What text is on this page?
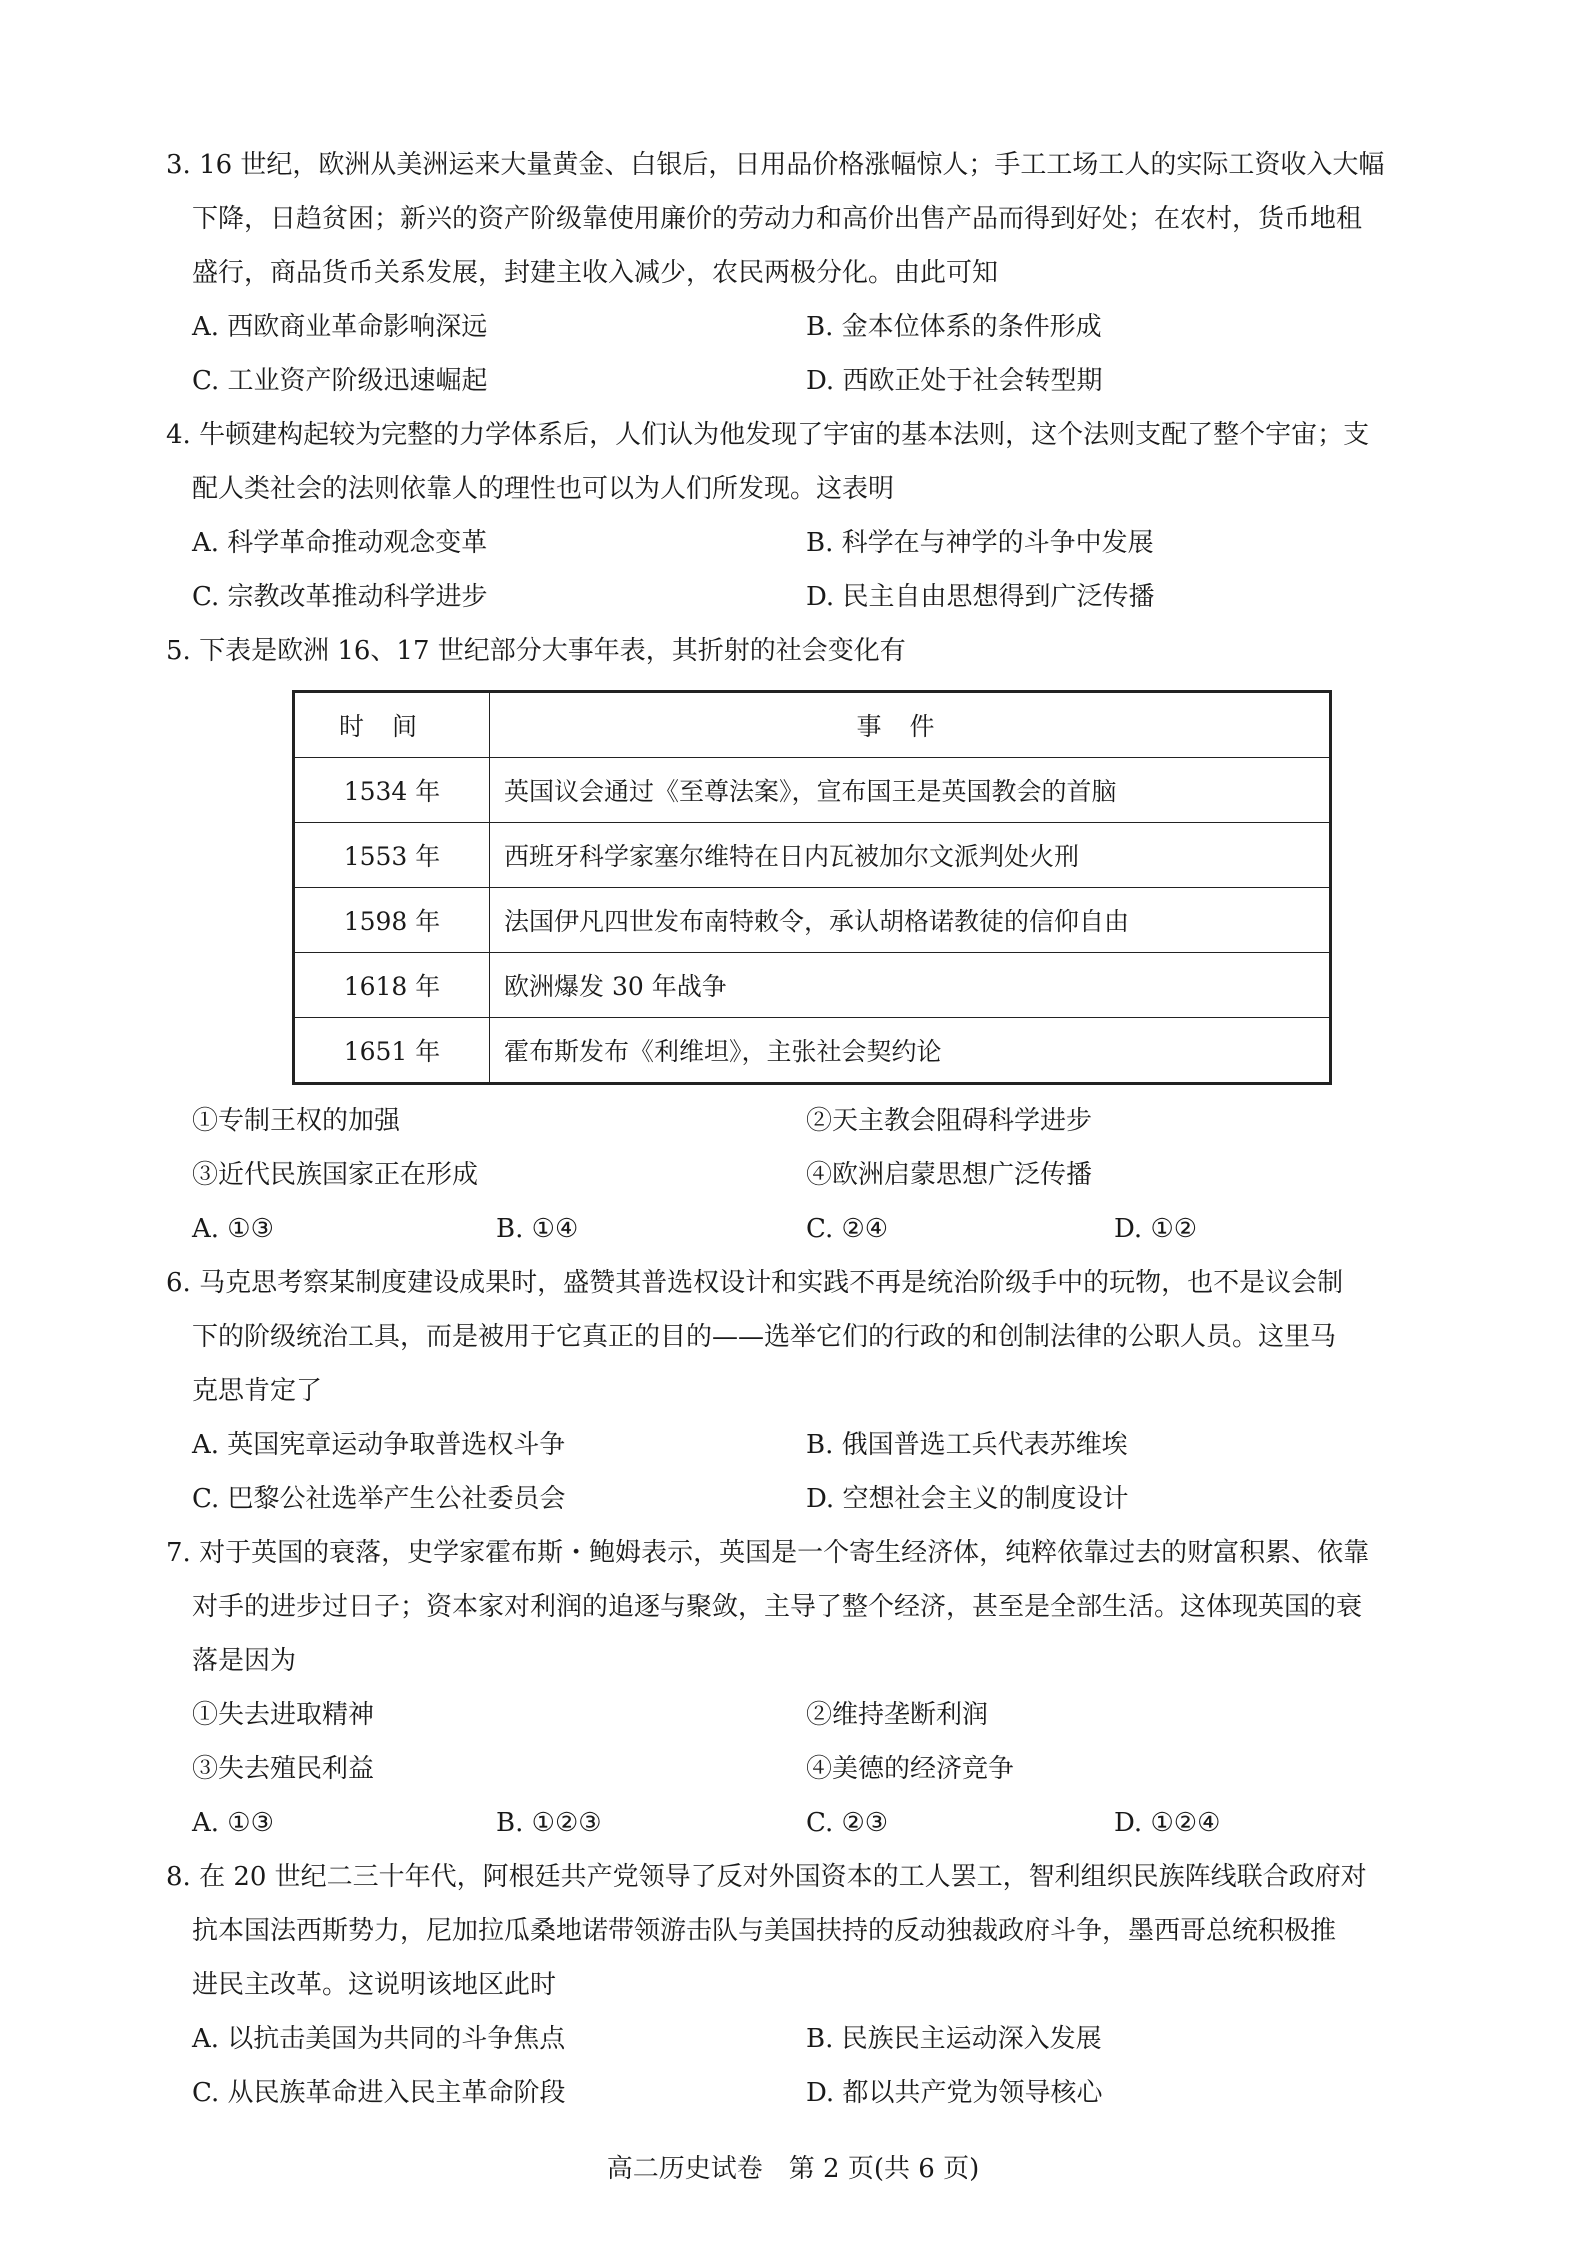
3. 16 世纪，欧洲从美洲运来大量黄金、白银后，日用品价格涨幅惊人；手工工场工人的实际工资收入大幅
下降，日趋贫困；新兴的资产阶级靠使用廉价的劳动力和高价出售产品而得到好处；在农村，货币地租
盛行，商品货币关系发展，封建主收入减少，农民两极分化。由此可知
A. 西欧商业革命影响深远	B. 金本位体系的条件形成
C. 工业资产阶级迅速崛起	D. 西欧正处于社会转型期
4. 牛顿建构起较为完整的力学体系后，人们认为他发现了宇宙的基本法则，这个法则支配了整个宇宙；支
配人类社会的法则依靠人的理性也可以为人们所发现。这表明
A. 科学革命推动观念变革	B. 科学在与神学的斗争中发展
C. 宗教改革推动科学进步	D. 民主自由思想得到广泛传播
5. 下表是欧洲 16、17 世纪部分大事年表，其折射的社会变化有
时间	事件
1534 年	英国议会通过《至尊法案》，宣布国王是英国教会的首脑
1553 年	西班牙科学家塞尔维特在日内瓦被加尔文派判处火刑
1598 年	法国伊凡四世发布南特敕令，承认胡格诺教徒的信仰自由
1618 年	欧洲爆发 30 年战争
1651 年	霍布斯发布《利维坦》，主张社会契约论
①专制王权的加强	②天主教会阻碍科学进步
③近代民族国家正在形成	④欧洲启蒙思想广泛传播
A. ①③	B. ①④	C. ②④	D. ①②
6. 马克思考察某制度建设成果时，盛赞其普选权设计和实践不再是统治阶级手中的玩物，也不是议会制
下的阶级统治工具，而是被用于它真正的目的——选举它们的行政的和创制法律的公职人员。这里马
克思肯定了
A. 英国宪章运动争取普选权斗争	B. 俄国普选工兵代表苏维埃
C. 巴黎公社选举产生公社委员会	D. 空想社会主义的制度设计
7. 对于英国的衰落，史学家霍布斯・鲍姆表示，英国是一个寄生经济体，纯粹依靠过去的财富积累、依靠
对手的进步过日子；资本家对利润的追逐与聚敛，主导了整个经济，甚至是全部生活。这体现英国的衰
落是因为
①失去进取精神	②维持垄断利润
③失去殖民利益	④美德的经济竞争
A. ①③	B. ①②③	C. ②③	D. ①②④
8. 在 20 世纪二三十年代，阿根廷共产党领导了反对外国资本的工人罢工，智利组织民族阵线联合政府对
抗本国法西斯势力，尼加拉瓜桑地诺带领游击队与美国扶持的反动独裁政府斗争，墨西哥总统积极推
进民主改革。这说明该地区此时
A. 以抗击美国为共同的斗争焦点	B. 民族民主运动深入发展
C. 从民族革命进入民主革命阶段	D. 都以共产党为领导核心
高二历史试卷　第 2 页(共 6 页)
